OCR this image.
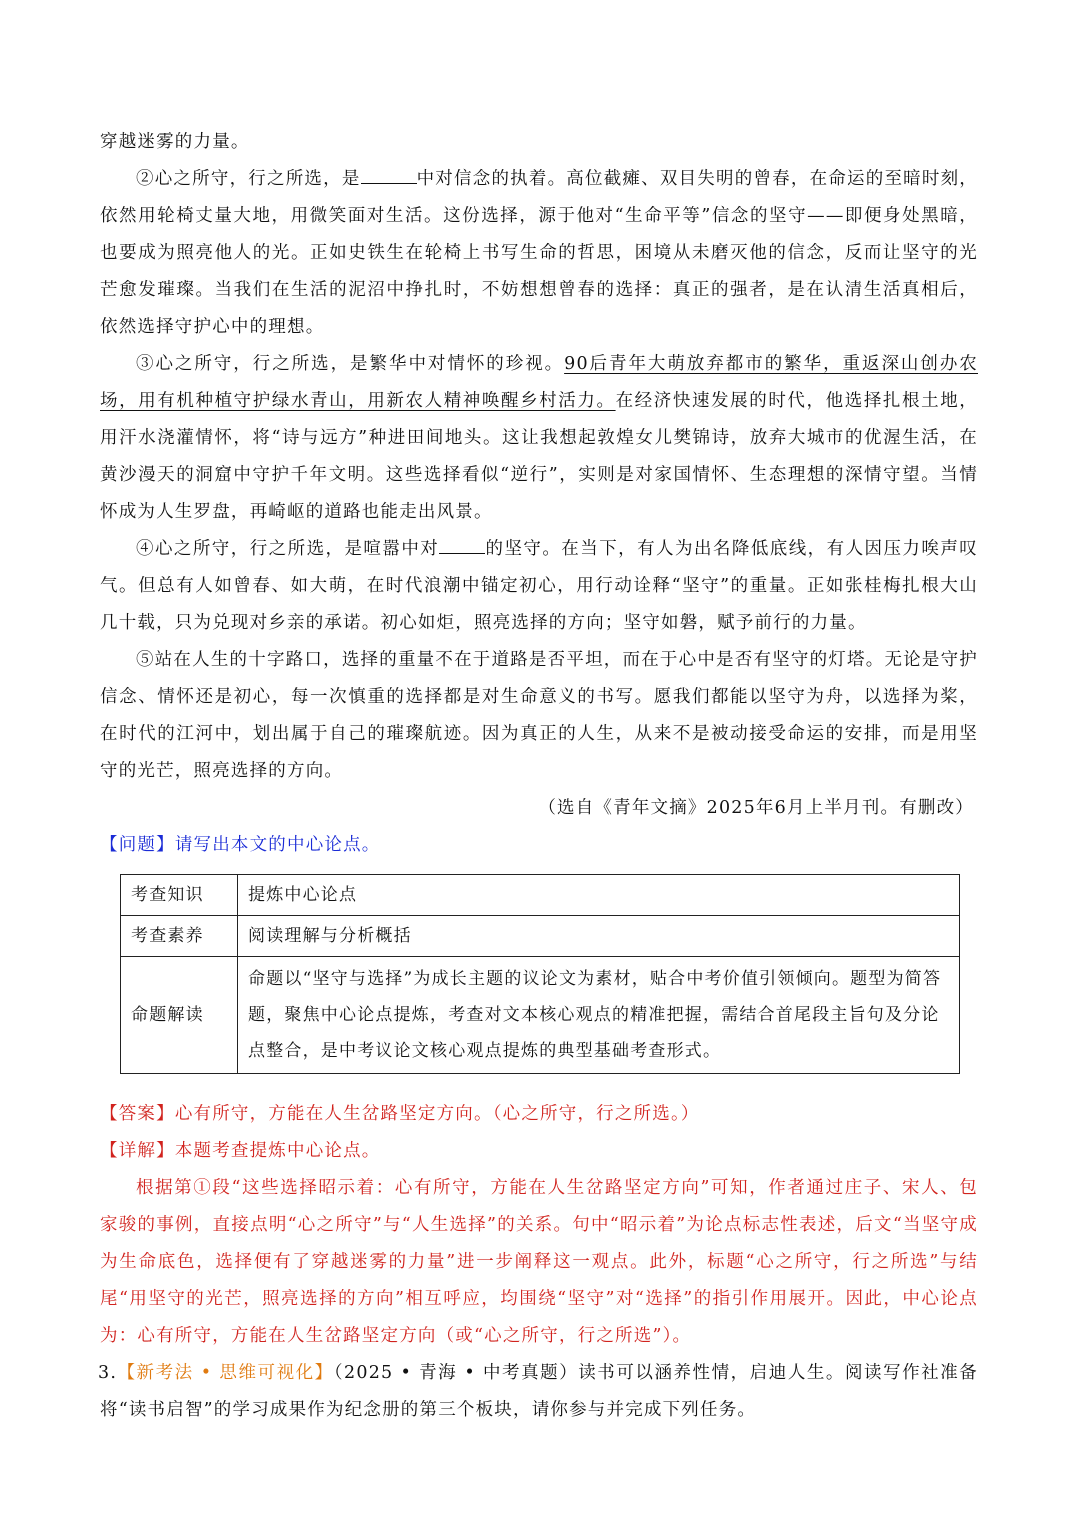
穿越迷雾的力量。

②心之所守，行之所选，是	中对信念的执着。高位截瘫、双目失明的曾春，在命运的至暗时刻，依然用轮椅丈量大地，用微笑面对生活。这份选择，源于他对“生命平等”信念的坚守——即便身处黑暗，也要成为照亮他人的光。正如史铁生在轮椅上书写生命的哲思，困境从未磨灭他的信念，反而让坚守的光芒愈发璀璨。当我们在生活的泥沼中挣扎时，不妨想想曾春的选择：真正的强者，是在认清生活真相后，依然选择守护心中的理想。

③心之所守，行之所选，是繁华中对情怀的珍视。90后青年大萌放弃都市的繁华，重返深山创办农场，用有机种植守护绿水青山，用新农人精神唤醒乡村活力。在经济快速发展的时代，他选择扎根土地，用汗水浇灌情怀，将“诗与远方”种进田间地头。这让我想起敦煌女儿樊锦诗，放弃大城市的优渥生活，在黄沙漫天的洞窟中守护千年文明。这些选择看似“逆行”，实则是对家国情怀、生态理想的深情守望。当情怀成为人生罗盘，再崎岖的道路也能走出风景。

④心之所守，行之所选，是喧嚣中对	的坚守。在当下，有人为出名降低底线，有人因压力唉声叹气。但总有人如曾春、如大萌，在时代浪潮中锚定初心，用行动诠释“坚守”的重量。正如张桂梅扎根大山几十载，只为兑现对乡亲的承诺。初心如炬，照亮选择的方向；坚守如磐，赋予前行的力量。

⑤站在人生的十字路口，选择的重量不在于道路是否平坦，而在于心中是否有坚守的灯塔。无论是守护信念、情怀还是初心，每一次慎重的选择都是对生命意义的书写。愿我们都能以坚守为舟，以选择为桨，在时代的江河中，划出属于自己的璀璨航迹。因为真正的人生，从来不是被动接受命运的安排，而是用坚守的光芒，照亮选择的方向。

（选自《青年文摘》2025年6月上半月刊。有删改）

【问题】请写出本文的中心论点。

考查知识	提炼中心论点
考查素养	阅读理解与分析概括
命题解读	命题以“坚守与选择”为成长主题的议论文为素材，贴合中考价值引领倾向。题型为简答题，聚焦中心论点提炼，考查对文本核心观点的精准把握，需结合首尾段主旨句及分论点整合，是中考议论文核心观点提炼的典型基础考查形式。

【答案】心有所守，方能在人生岔路坚定方向。（心之所守，行之所选。）

【详解】本题考查提炼中心论点。

根据第①段“这些选择昭示着：心有所守，方能在人生岔路坚定方向”可知，作者通过庄子、宋人、包家骏的事例，直接点明“心之所守”与“人生选择”的关系。句中“昭示着”为论点标志性表述，后文“当坚守成为生命底色，选择便有了穿越迷雾的力量”进一步阐释这一观点。此外，标题“心之所守，行之所选”与结尾“用坚守的光芒，照亮选择的方向”相互呼应，均围绕“坚守”对“选择”的指引作用展开。因此，中心论点为：心有所守，方能在人生岔路坚定方向（或“心之所守，行之所选”）。

3.【新考法 • 思维可视化】（2025 • 青海 • 中考真题）读书可以涵养性情，启迪人生。阅读写作社准备将“读书启智”的学习成果作为纪念册的第三个板块，请你参与并完成下列任务。
